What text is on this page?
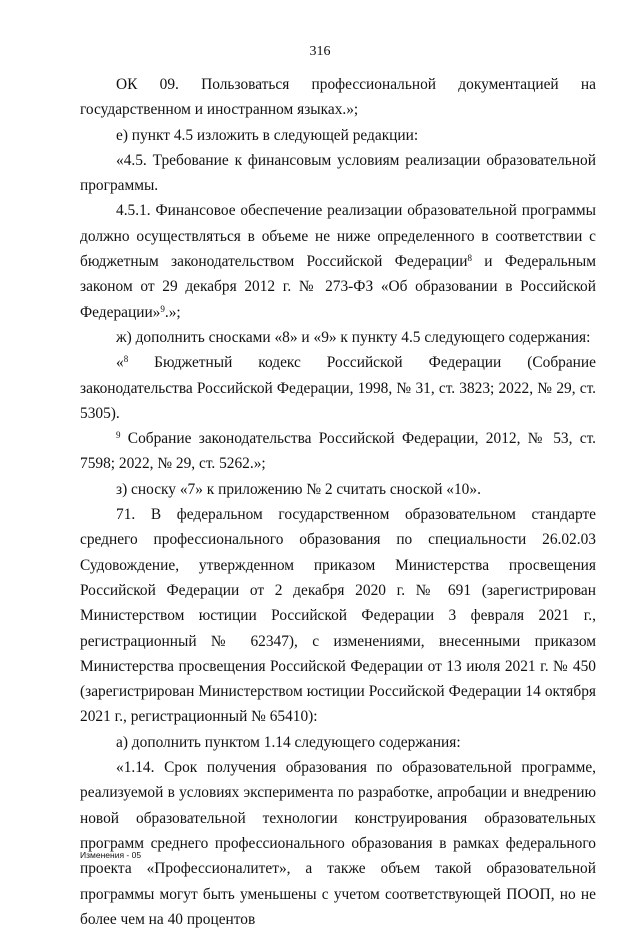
316

ОК 09. Пользоваться профессиональной документацией на государственном и иностранном языках.»;

е) пункт 4.5 изложить в следующей редакции:

«4.5. Требование к финансовым условиям реализации образовательной программы.

4.5.1. Финансовое обеспечение реализации образовательной программы должно осуществляться в объеме не ниже определенного в соответствии с бюджетным законодательством Российской Федерации$^8$ и Федеральным законом от 29 декабря 2012 г. № 273-ФЗ «Об образовании в Российской Федерации»$^9$.»;

ж) дополнить сносками «8» и «9» к пункту 4.5 следующего содержания:

«$^8$ Бюджетный кодекс Российской Федерации (Собрание законодательства Российской Федерации, 1998, № 31, ст. 3823; 2022, № 29, ст. 5305).

$^9$ Собрание законодательства Российской Федерации, 2012, № 53, ст. 7598; 2022, № 29, ст. 5262.»;

з) сноску «7» к приложению № 2 считать сноской «10».

71. В федеральном государственном образовательном стандарте среднего профессионального образования по специальности 26.02.03 Судовождение, утвержденном приказом Министерства просвещения Российской Федерации от 2 декабря 2020 г. № 691 (зарегистрирован Министерством юстиции Российской Федерации 3 февраля 2021 г., регистрационный № 62347), с изменениями, внесенными приказом Министерства просвещения Российской Федерации от 13 июля 2021 г. № 450 (зарегистрирован Министерством юстиции Российской Федерации 14 октября 2021 г., регистрационный № 65410):

а) дополнить пунктом 1.14 следующего содержания:

«1.14. Срок получения образования по образовательной программе, реализуемой в условиях эксперимента по разработке, апробации и внедрению новой образовательной технологии конструирования образовательных программ среднего профессионального образования в рамках федерального проекта «Профессионалитет», а также объем такой образовательной программы могут быть уменьшены с учетом соответствующей ПООП, но не более чем на 40 процентов

Изменения - 05
